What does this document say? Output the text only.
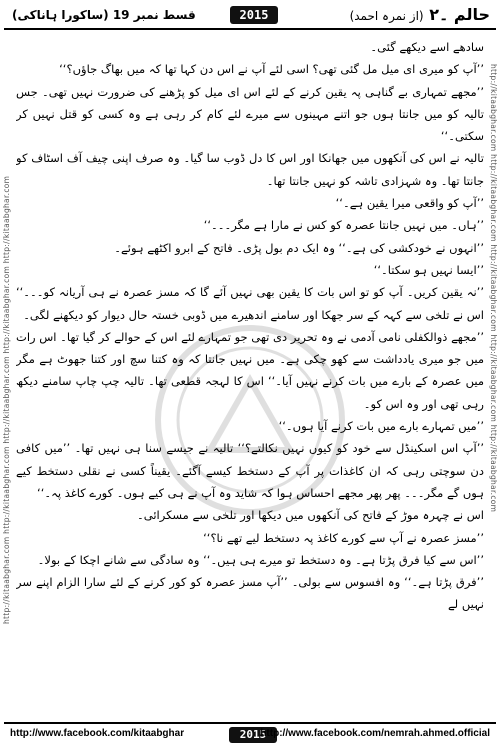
حالم ۔٢ (از نمرہ احمد)
2015
قسط نمبر 19 (ساکورا ہاناکی)
http://kitaabghar.com http://kitaabghar.com http://kitaabghar.com http://kitaabghar.com http://kitaabghar.com	http://kitaabghar.com http://kitaabghar.com http://kitaabghar.com http://kitaabghar.com http://kitaabghar.com

سادھے اسے دیکھے گئی۔

’’آپ کو میری ای میل مل گئی تھی؟ اسی لئے آپ نے اس دن کہا تھا کہ میں بھاگ جاؤں؟‘‘

’’مجھے تمہاری بے گناہی پہ یقین کرنے کے لئے اس ای میل کو پڑھنے کی ضرورت نہیں تھی۔ جس تالیہ کو میں جانتا ہوں جو اتنے مہینوں سے میرے لئے کام کر رہی ہے وہ کسی کو قتل نہیں کر سکتی۔‘‘

تالیہ نے اس کی آنکھوں میں جھانکا اور اس کا دل ڈوب سا گیا۔ وہ صرف اپنی چیف آف اسٹاف کو جانتا تھا۔ وہ شہزادی تاشہ کو نہیں جانتا تھا۔

’’آپ کو واقعی میرا یقین ہے۔‘‘

’’ہاں۔ میں نہیں جانتا عصرہ کو کس نے مارا ہے مگر۔۔۔‘‘

’’انہوں نے خودکشی کی ہے۔‘‘ وہ ایک دم بول پڑی۔ فاتح کے ابرو اکٹھے ہوئے۔

’’ایسا نہیں ہو سکتا۔‘‘

’’نہ یقین کریں۔ آپ کو تو اس بات کا یقین بھی نہیں آئے گا کہ مسز عصرہ نے ہی آریانہ کو۔۔۔‘‘ اس نے تلخی سے کہہ کے سر جھکا اور سامنے اندھیرے میں ڈوبی خستہ حال دیوار کو دیکھنے لگی۔

’’مجھے ذوالکفلی نامی آدمی نے وہ تحریر دی تھی جو تمہارے لئے اس کے حوالے کر گیا تھا۔ اس رات میں جو میری یادداشت سے کھو چکی ہے۔ میں نہیں جانتا کہ وہ کتنا سچ اور کتنا جھوٹ ہے مگر میں عصرہ کے بارے میں بات کرنے نہیں آیا۔‘‘ اس کا لہجہ قطعی تھا۔ تالیہ چپ چاپ سامنے دیکھ رہی تھی اور وہ اس کو۔

’’میں تمہارے بارے میں بات کرنے آیا ہوں۔‘‘

’’آپ اس اسکینڈل سے خود کو کیوں نہیں نکالتے؟‘‘ تالیہ نے جیسے سنا ہی نہیں تھا۔ ’’میں کافی دن سوچتی رہی کہ ان کاغذات پر آپ کے دستخط کیسے آگئے۔ یقیناً کسی نے نقلی دستخط کیے ہوں گے مگر۔۔۔ پھر پھر مجھے احساس ہوا کہ شاید وہ آپ نے ہی کیے ہوں۔ کورے کاغذ پہ۔‘‘

اس نے چہرہ موڑ کے فاتح کی آنکھوں میں دیکھا اور تلخی سے مسکرائی۔

’’مسز عصرہ نے آپ سے کورے کاغذ پہ دستخط لیے تھے نا؟‘‘

’’اس سے کیا فرق پڑتا ہے۔ وہ دستخط تو میرے ہی ہیں۔‘‘ وہ سادگی سے شانے اچکا کے بولا۔

’’فرق پڑتا ہے۔‘‘ وہ افسوس سے بولی۔ ’’آپ مسز عصرہ کو کور کرنے کے لئے سارا الزام اپنے سر نہیں لے

http://www.facebook.com/kitaabghar	2015
http://www.facebook.com/nemrah.ahmed.official
